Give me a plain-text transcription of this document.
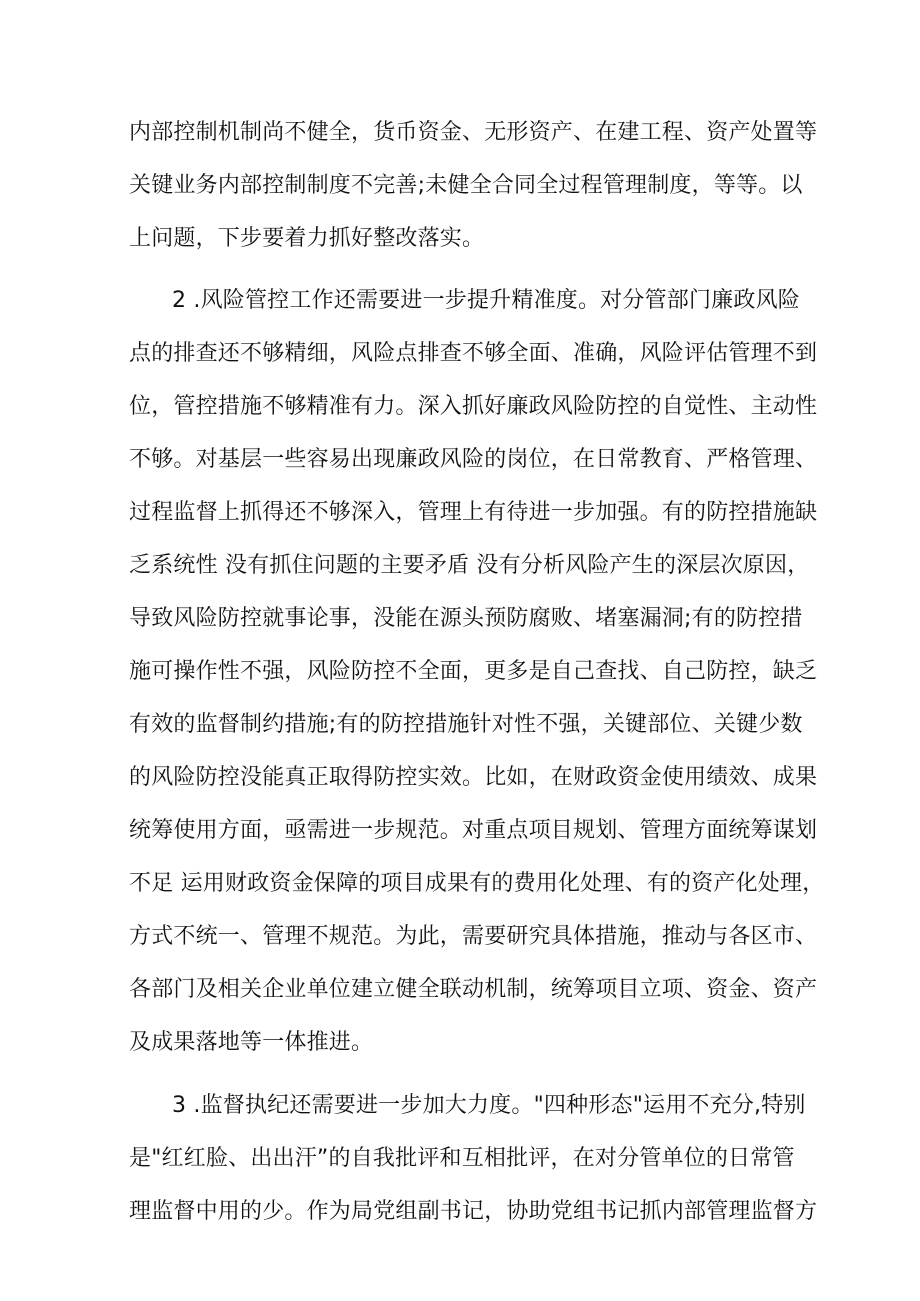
内部控制机制尚不健全，货币资金、无形资产、在建工程、资产处置等
关键业务内部控制制度不完善;未健全合同全过程管理制度，等等。以
上问题，下步要着力抓好整改落实。
2 .风险管控工作还需要进一步提升精准度。对分管部门廉政风险
点的排查还不够精细，风险点排查不够全面、准确，风险评估管理不到
位，管控措施不够精准有力。深入抓好廉政风险防控的自觉性、主动性
不够。对基层一些容易出现廉政风险的岗位，在日常教育、严格管理、
过程监督上抓得还不够深入，管理上有待进一步加强。有的防控措施缺
乏系统性 没有抓住问题的主要矛盾 没有分析风险产生的深层次原因，
导致风险防控就事论事，没能在源头预防腐败、堵塞漏洞;有的防控措
施可操作性不强，风险防控不全面，更多是自己查找、自己防控，缺乏
有效的监督制约措施;有的防控措施针对性不强，关键部位、关键少数
的风险防控没能真正取得防控实效。比如，在财政资金使用绩效、成果
统筹使用方面，亟需进一步规范。对重点项目规划、管理方面统筹谋划
不足 运用财政资金保障的项目成果有的费用化处理、有的资产化处理，
方式不统一、管理不规范。为此，需要研究具体措施，推动与各区市、
各部门及相关企业单位建立健全联动机制，统筹项目立项、资金、资产
及成果落地等一体推进。
3 .监督执纪还需要进一步加大力度。"四种形态"运用不充分,特别
是"红红脸、出出汗”的自我批评和互相批评，在对分管单位的日常管
理监督中用的少。作为局党组副书记，协助党组书记抓内部管理监督方
